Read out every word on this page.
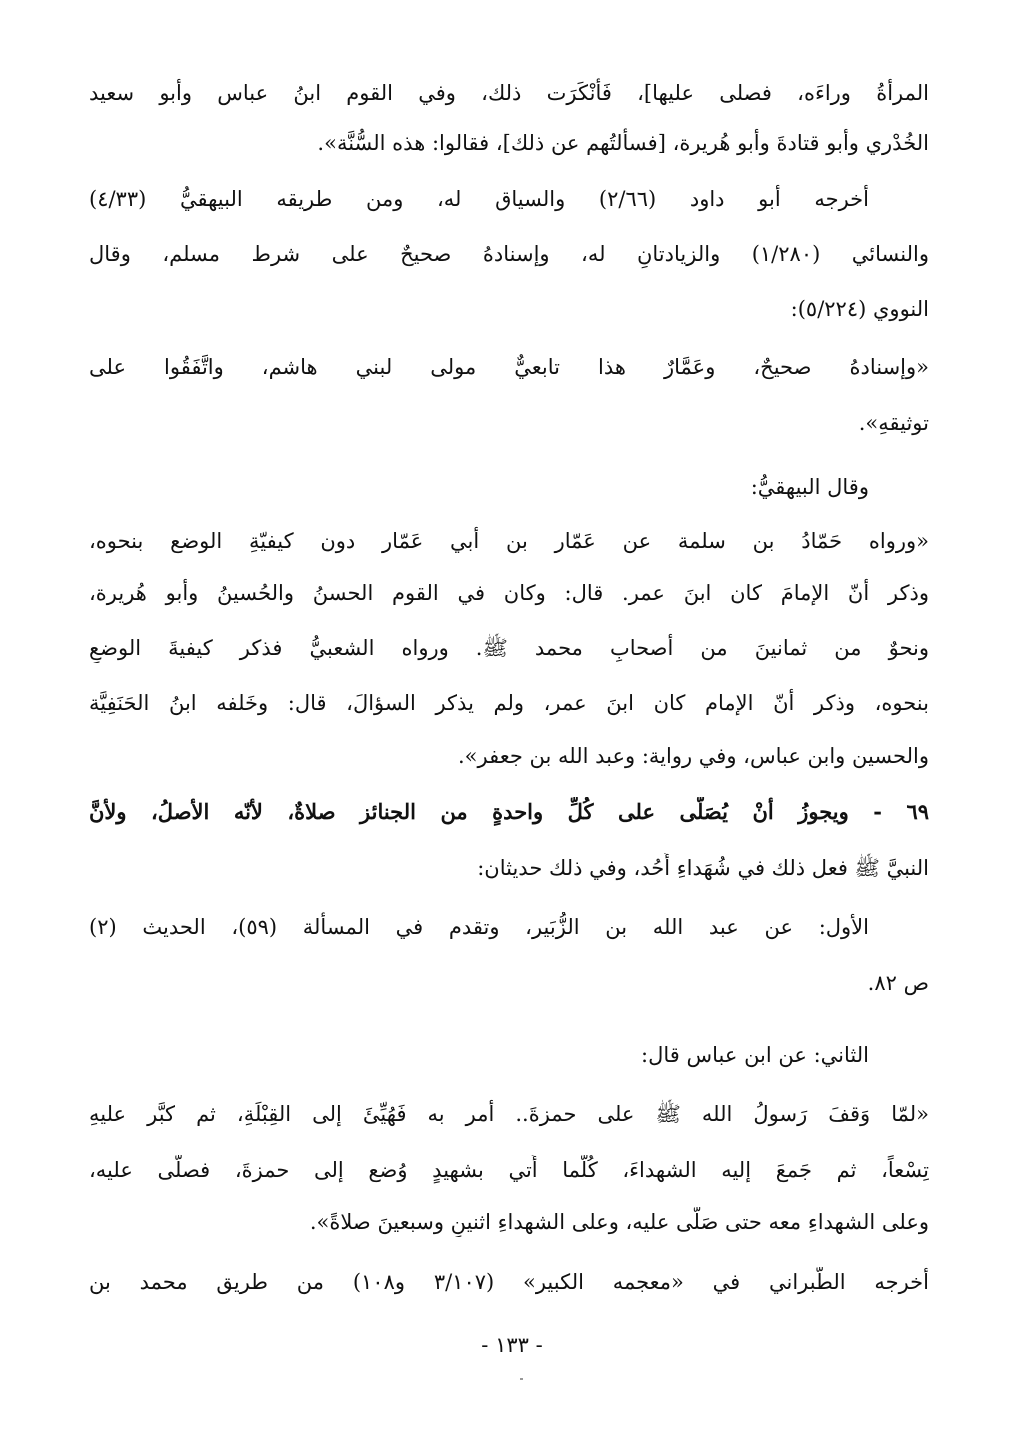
المرأةُ وراءَه، فصلى عليها]، فَأَنْكَرَت ذلك، وفي القوم ابنُ عباس وأبو سعيد
الخُدْري وأبو قتادةَ وأبو هُريرة، [فسألتُهم عن ذلك]، فقالوا: هذه السُّنَّة».
أخرجه أبو داود (٢/٦٦) والسياق له، ومن طريقه البيهقيُّ (٤/٣٣)
والنسائي (١/٢٨٠) والزيادتانِ له، وإسنادهُ صحيحٌ على شرط مسلم، وقال
النووي (٥/٢٢٤):
«وإسنادهُ صحيحٌ، وعَمَّارٌ هذا تابعيٌّ مولى لبني هاشم، واتَّفَقُوا على
توثيقهِ».
وقال البيهقيُّ:
«ورواه حَمّادُ بن سلمة عن عَمّار بن أبي عَمّار دون كيفيّةِ الوضع بنحوه،
وذكر أنّ الإمامَ كان ابنَ عمر. قال: وكان في القوم الحسنُ والحُسينُ وأبو هُريرة،
ونحوٌ من ثمانينَ من أصحابِ محمد ﷺ. ورواه الشعبيُّ فذكر كيفيةَ الوضعِ
بنحوه، وذكر أنّ الإمام كان ابنَ عمر، ولم يذكر السؤالَ، قال: وخَلفه ابنُ الحَنَفِيَّة
والحسين وابن عباس، وفي رواية: وعبد الله بن جعفر».
٦٩ - ويجوزُ أنْ يُصَلّى على كُلِّ واحدةٍ من الجنائز صلاةٌ، لأنّه الأصلُ، ولأنَّ
النبيَّ ﷺ فعل ذلك في شُهَداءِ أُحُد، وفي ذلك حديثان:
الأول: عن عبد الله بن الزُّبَير، وتقدم في المسألة (٥٩)، الحديث (٢)
ص ٨٢.
الثاني: عن ابن عباس قال:
«لمّا وَقفَ رَسولُ الله ﷺ على حمزةَ.. أمر به فَهُيِّئَ إلى القِبْلَةِ، ثم كبَّر عليهِ
تِسْعاً، ثم جَمعَ إليه الشهداءَ، كُلّما أُتي بشهيدٍ وُضع إلى حمزةَ، فصلّى عليه،
وعلى الشهداءِ معه حتى صَلّى عليه، وعلى الشهداءِ اثنينِ وسبعينَ صلاةً».
أخرجه الطَّبراني في «معجمه الكبير» (٣/١٠٧ و١٠٨) من طريق محمد بن
- ١٣٣ -
